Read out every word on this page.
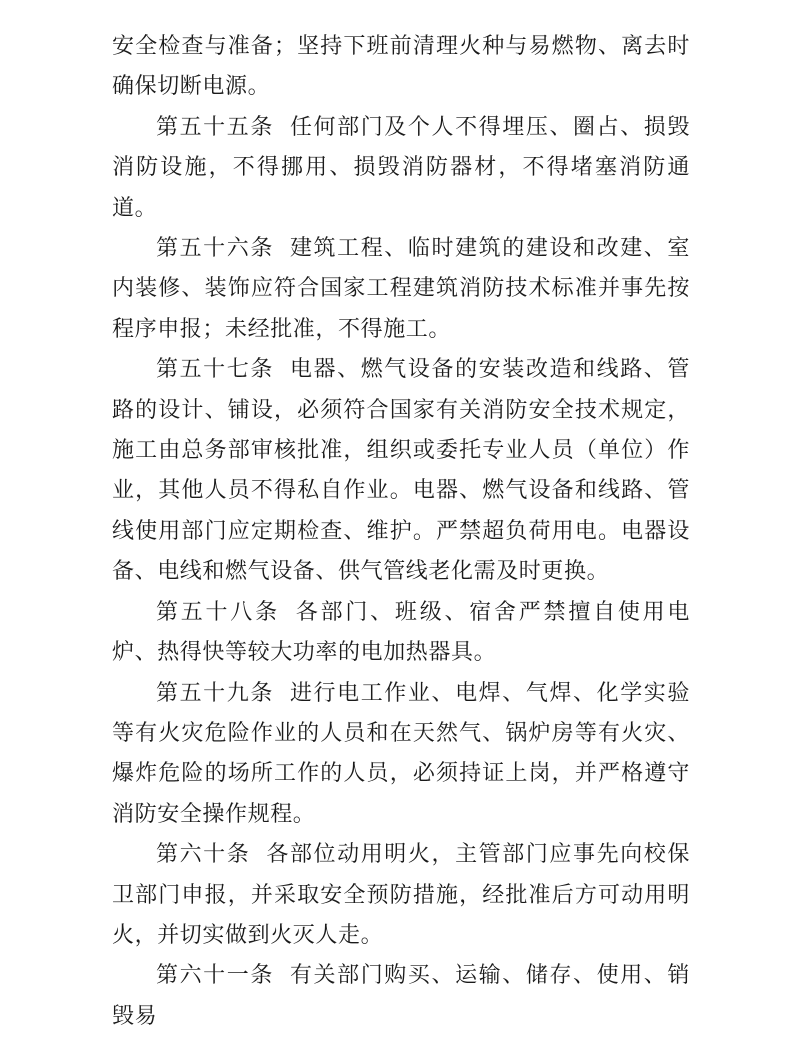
安全检查与准备；坚持下班前清理火种与易燃物、离去时确保切断电源。

第五十五条 任何部门及个人不得埋压、圈占、损毁消防设施，不得挪用、损毁消防器材，不得堵塞消防通道。

第五十六条 建筑工程、临时建筑的建设和改建、室内装修、装饰应符合国家工程建筑消防技术标准并事先按程序申报；未经批准，不得施工。

第五十七条 电器、燃气设备的安装改造和线路、管路的设计、铺设，必须符合国家有关消防安全技术规定，施工由总务部审核批准，组织或委托专业人员（单位）作业，其他人员不得私自作业。电器、燃气设备和线路、管线使用部门应定期检查、维护。严禁超负荷用电。电器设备、电线和燃气设备、供气管线老化需及时更换。

第五十八条 各部门、班级、宿舍严禁擅自使用电炉、热得快等较大功率的电加热器具。

第五十九条 进行电工作业、电焊、气焊、化学实验等有火灾危险作业的人员和在天然气、锅炉房等有火灾、爆炸危险的场所工作的人员，必须持证上岗，并严格遵守消防安全操作规程。

第六十条 各部位动用明火，主管部门应事先向校保卫部门申报，并采取安全预防措施，经批准后方可动用明火，并切实做到火灭人走。

第六十一条 有关部门购买、运输、储存、使用、销毁易
